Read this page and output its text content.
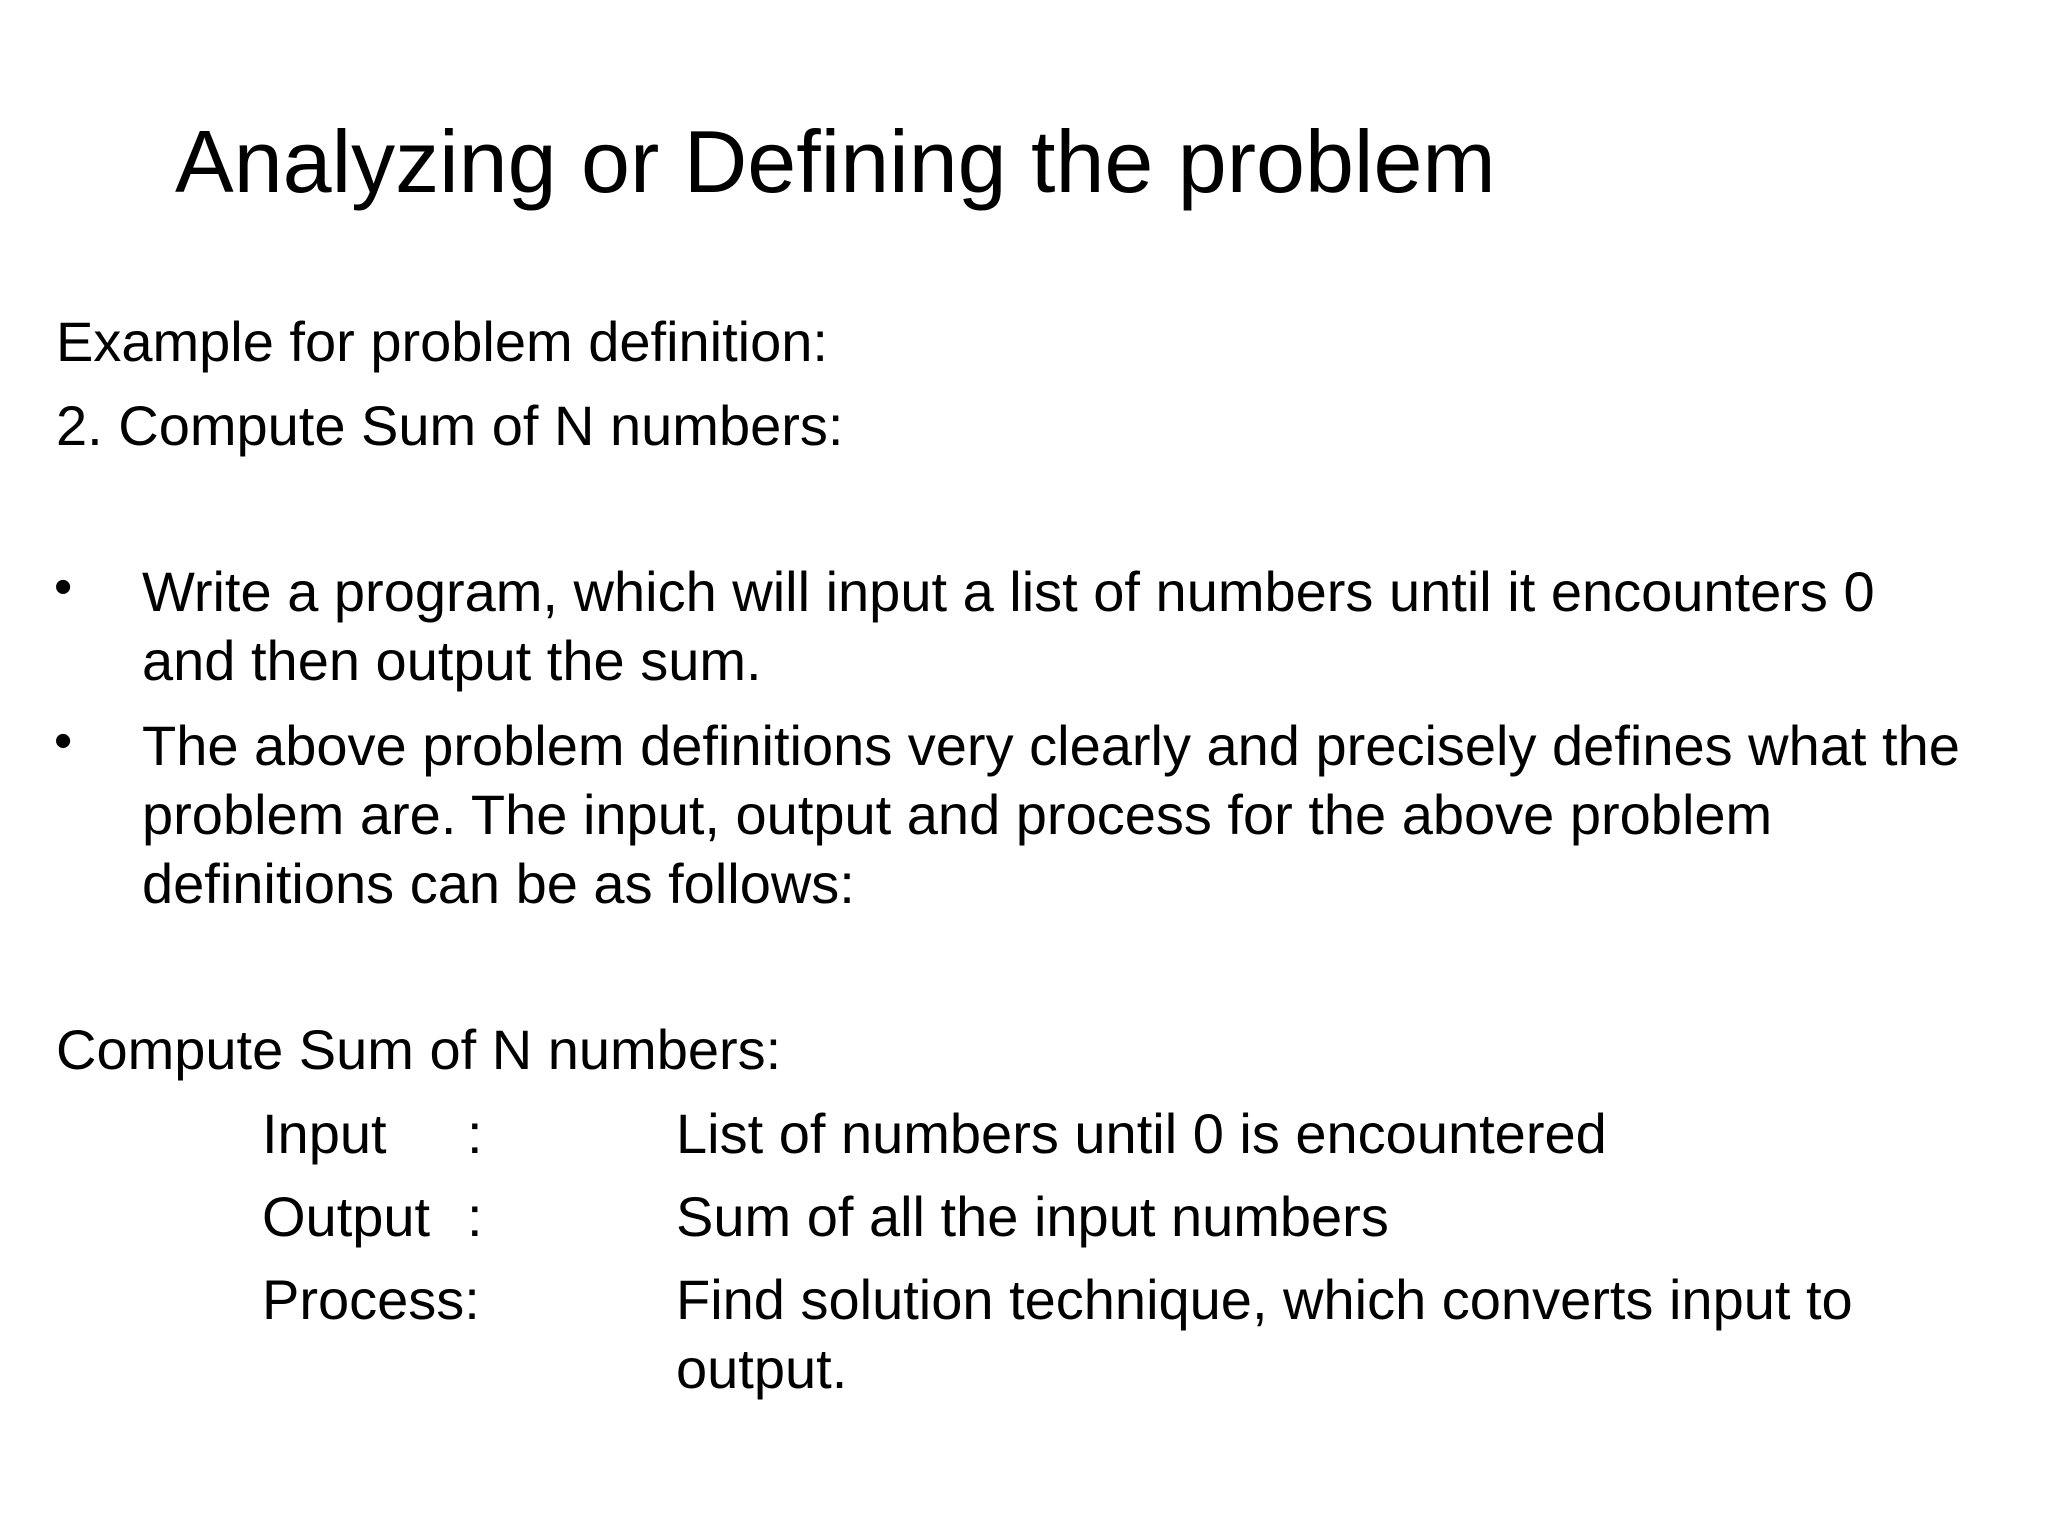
Analyzing or Defining the problem
Example for problem definition:
2. Compute Sum of N numbers:
• Write a program, which will input a list of numbers until it encounters 0 and then output the sum.
• The above problem definitions very clearly and precisely defines what the problem are. The input, output and process for the above problem definitions can be as follows:
Compute Sum of N numbers:
Input :	List of numbers until 0 is encountered
Output :	Sum of all the input numbers
Process:	Find solution technique, which converts input to output.
